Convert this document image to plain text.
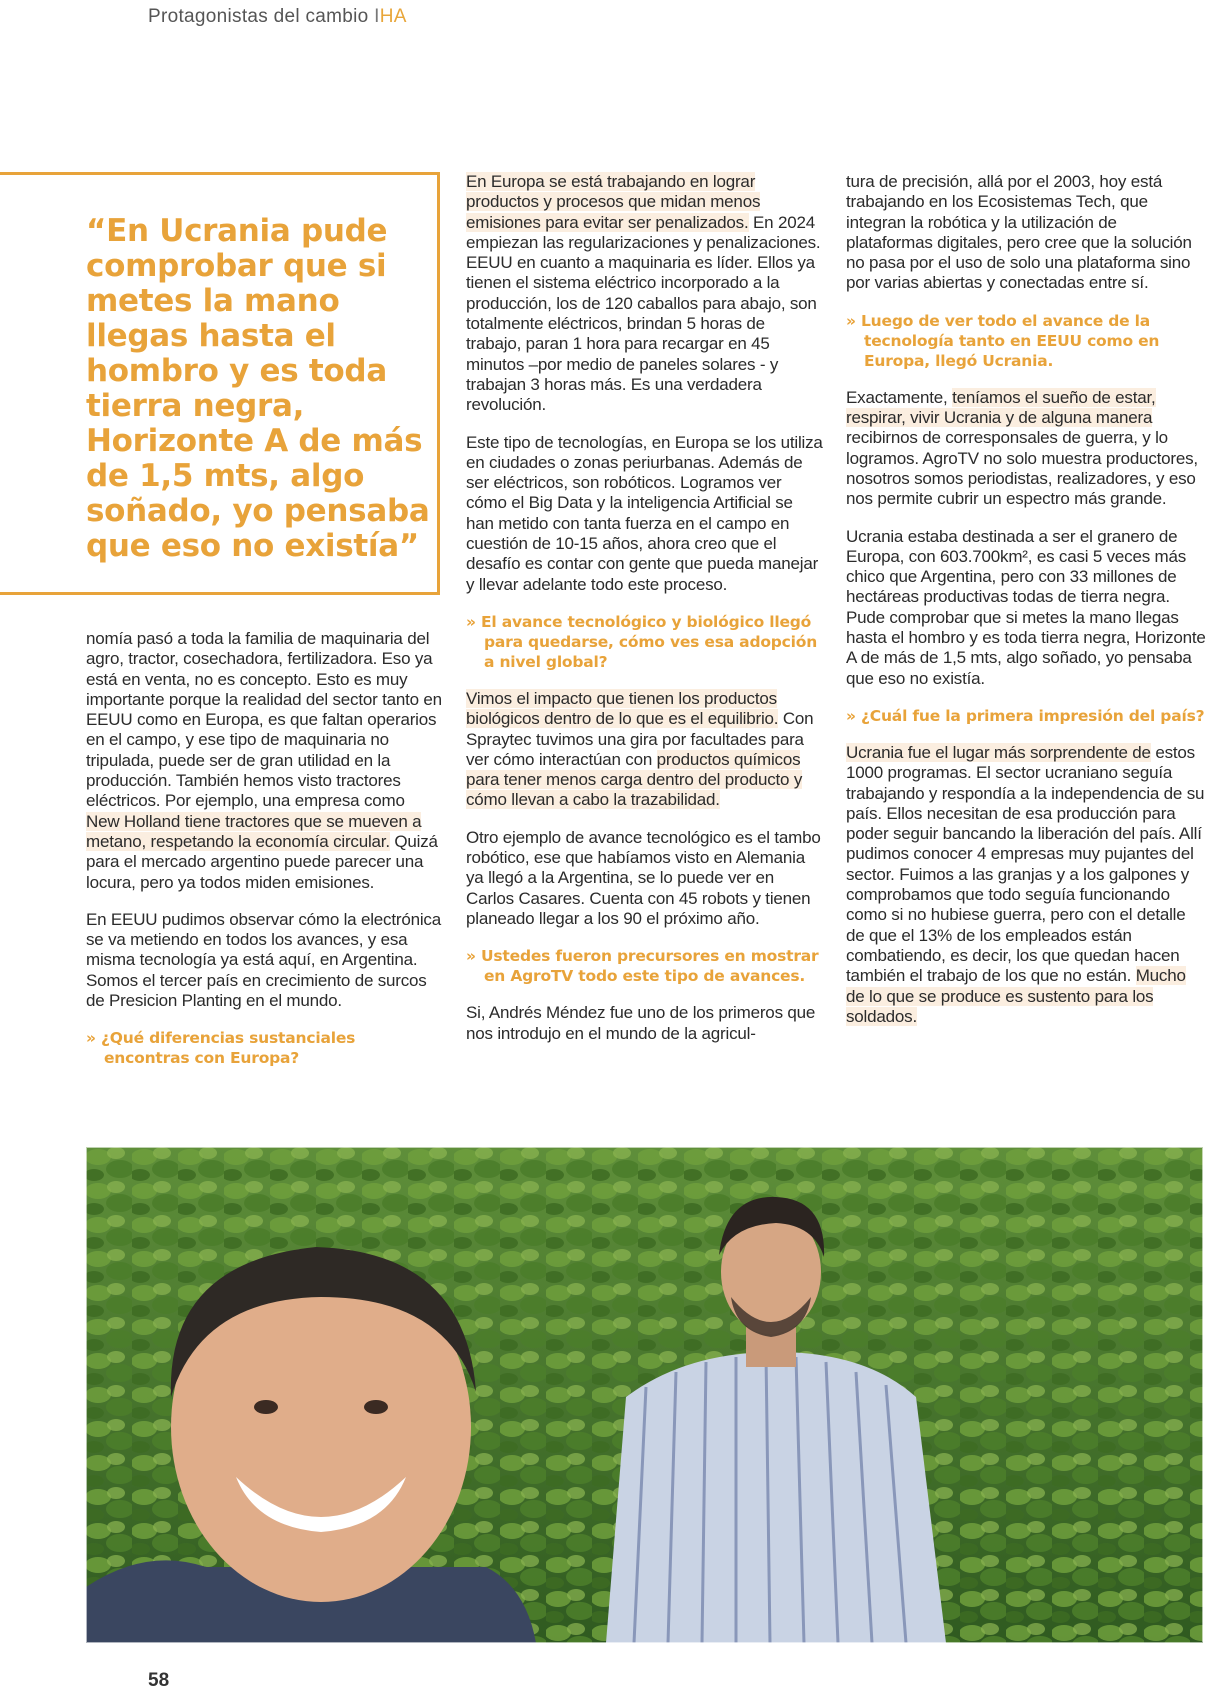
Protagonistas del cambio IHA
“En Ucrania pude comprobar que si metes la mano llegas hasta el hombro y es toda tierra negra, Horizonte A de más de 1,5 mts, algo soñado, yo pensaba que eso no existía”

nomía pasó a toda la familia de maquinaria del agro, tractor, cosechadora, fertilizadora. Eso ya está en venta, no es concepto. Esto es muy importante porque la realidad del sector tanto en EEUU como en Europa, es que faltan operarios en el campo, y ese tipo de maquinaria no tripulada, puede ser de gran utilidad en la producción. También hemos visto tractores eléctricos. Por ejemplo, una empresa como New Holland tiene tractores que se mueven a metano, respetando la economía circular. Quizá para el mercado argentino puede parecer una locura, pero ya todos miden emisiones.

En EEUU pudimos observar cómo la electrónica se va metiendo en todos los avances, y esa misma tecnología ya está aquí, en Argentina. Somos el tercer país en crecimiento de surcos de Presicion Planting en el mundo.

» ¿Qué diferencias sustanciales encontras con Europa?

En Europa se está trabajando en lograr productos y procesos que midan menos emisiones para evitar ser penalizados. En 2024 empiezan las regularizaciones y penalizaciones. EEUU en cuanto a maquinaria es líder. Ellos ya tienen el sistema eléctrico incorporado a la producción, los de 120 caballos para abajo, son totalmente eléctricos, brindan 5 horas de trabajo, paran 1 hora para recargar en 45 minutos –por medio de paneles solares - y trabajan 3 horas más. Es una verdadera revolución.

Este tipo de tecnologías, en Europa se los utiliza en ciudades o zonas periurbanas. Además de ser eléctricos, son robóticos. Logramos ver cómo el Big Data y la inteligencia Artificial se han metido con tanta fuerza en el campo en cuestión de 10-15 años, ahora creo que el desafío es contar con gente que pueda manejar y llevar adelante todo este proceso.

» El avance tecnológico y biológico llegó para quedarse, cómo ves esa adopción a nivel global?

Vimos el impacto que tienen los productos biológicos dentro de lo que es el equilibrio. Con Spraytec tuvimos una gira por facultades para ver cómo interactúan con productos químicos para tener menos carga dentro del producto y cómo llevan a cabo la trazabilidad.

Otro ejemplo de avance tecnológico es el tambo robótico, ese que habíamos visto en Alemania ya llegó a la Argentina, se lo puede ver en Carlos Casares. Cuenta con 45 robots y tienen planeado llegar a los 90 el próximo año.

» Ustedes fueron precursores en mostrar en AgroTV todo este tipo de avances.

Si, Andrés Méndez fue uno de los primeros que nos introdujo en el mundo de la agricul-

tura de precisión, allá por el 2003, hoy está trabajando en los Ecosistemas Tech, que integran la robótica y la utilización de plataformas digitales, pero cree que la solución no pasa por el uso de solo una plataforma sino por varias abiertas y conectadas entre sí.

» Luego de ver todo el avance de la tecnología tanto en EEUU como en Europa, llegó Ucrania.

Exactamente, teníamos el sueño de estar, respirar, vivir Ucrania y de alguna manera recibirnos de corresponsales de guerra, y lo logramos. AgroTV no solo muestra productores, nosotros somos periodistas, realizadores, y eso nos permite cubrir un espectro más grande.

Ucrania estaba destinada a ser el granero de Europa, con 603.700km², es casi 5 veces más chico que Argentina, pero con 33 millones de hectáreas productivas todas de tierra negra. Pude comprobar que si metes la mano llegas hasta el hombro y es toda tierra negra, Horizonte A de más de 1,5 mts, algo soñado, yo pensaba que eso no existía.

» ¿Cuál fue la primera impresión del país?

Ucrania fue el lugar más sorprendente de estos 1000 programas. El sector ucraniano seguía trabajando y respondía a la independencia de su país. Ellos necesitan de esa producción para poder seguir bancando la liberación del país. Allí pudimos conocer 4 empresas muy pujantes del sector. Fuimos a las granjas y a los galpones y comprobamos que todo seguía funcionando como si no hubiese guerra, pero con el detalle de que el 13% de los empleados están combatiendo, es decir, los que quedan hacen también el trabajo de los que no están. Mucho de lo que se produce es sustento para los soldados.

58
